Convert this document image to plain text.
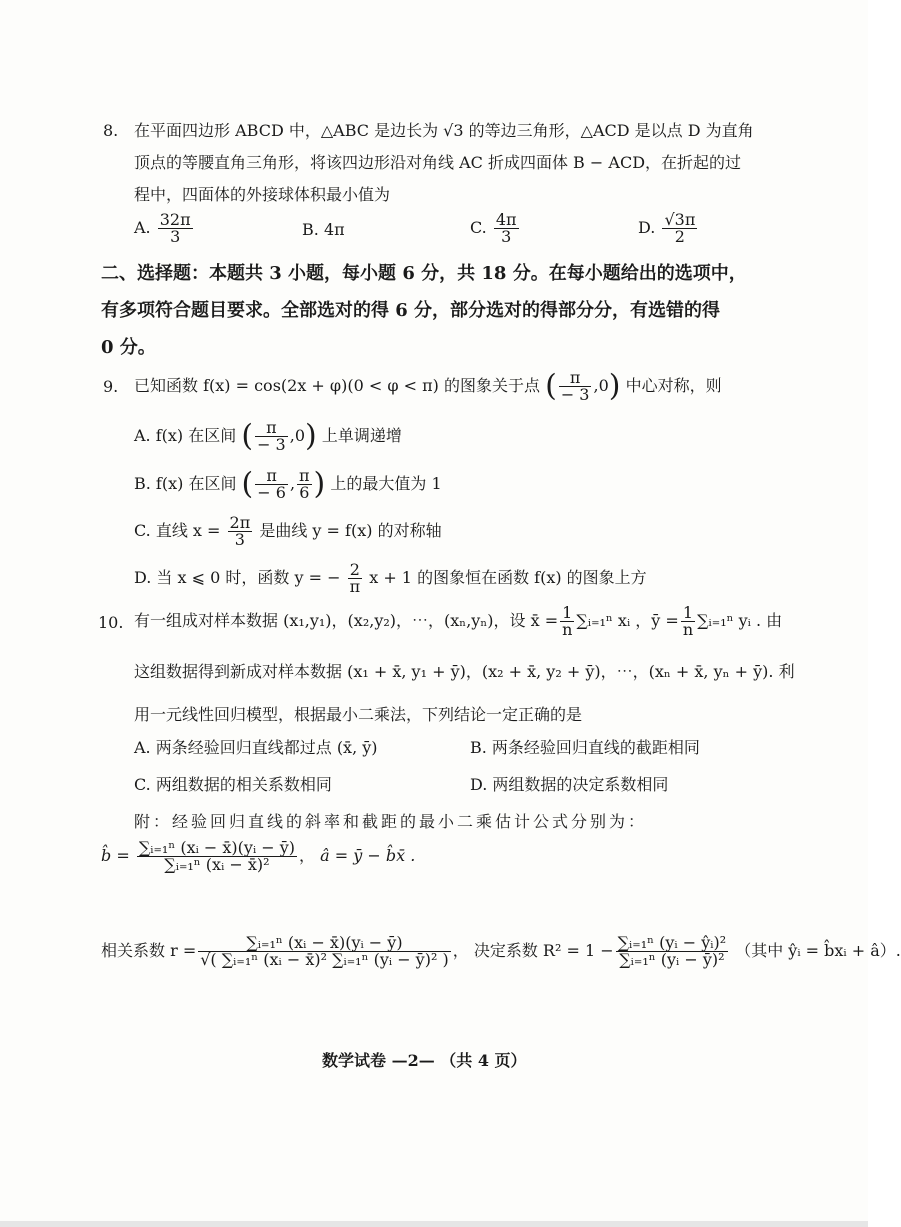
8. 在平面四边形 ABCD 中，△ABC 是边长为 √3 的等边三角形，△ACD 是以点 D 为直角
顶点的等腰直角三角形，将该四边形沿对角线 AC 折成四面体 B − ACD，在折起的过
程中，四面体的外接球体积最小值为
A. $\frac{32\pi}{3}$	B. 4π	C. $\frac{4\pi}{3}$	D. $\frac{√3\pi}{2}$
二、选择题：本题共 3 小题，每小题 6 分，共 18 分。在每小题给出的选项中，
有多项符合题目要求。全部选对的得 6 分，部分选对的得部分分，有选错的得
0 分。
9. 已知函数 f(x) = cos(2x + φ)(0 < φ < π) 的图象关于点 ( $\frac{\pi}{- 3} ,0$) 中心对称，则
A. f(x) 在区间 ( $\frac{\pi}{- 3} ,0$) 上单调递增
B. f(x) 在区间 ( $\frac{\pi}{- 6}$ , $\frac{\pi}{6}$ ) 上的最大值为 1
C. 直线 $x = \frac{2\pi}{3}$ 是曲线 y = f(x) 的对称轴
D. 当 x ⩽ 0 时，函数 y = − $\frac{2}{\pi}$ x + 1 的图象恒在函数 f(x) 的图象上方
10. 有一组成对样本数据 (x₁,y₁)，(x₂,y₂)，⋯，(xₙ,yₙ)，设 x̄ = $\frac{1}{n}$ ∑ᵢ₌₁ⁿ xᵢ ，ȳ = $\frac{1}{n}$ ∑ᵢ₌₁ⁿ yᵢ . 由
这组数据得到新成对样本数据 (x₁ + x̄, y₁ + ȳ)，(x₂ + x̄, y₂ + ȳ)，⋯，(xₙ + x̄, yₙ + ȳ). 利
用一元线性回归模型，根据最小二乘法，下列结论一定正确的是
A. 两条经验回归直线都过点 (x̄, ȳ)	B. 两条经验回归直线的截距相同
C. 两组数据的相关系数相同	D. 两组数据的决定系数相同
附：经验回归直线的斜率和截距的最小二乘估计公式分别为：
b̂ = $\frac{\text{∑ᵢ₌₁ⁿ (xᵢ − x̄)(yᵢ − ȳ)}}{\text{∑ᵢ₌₁ⁿ (xᵢ − x̄)²}}$ ， â = ȳ − b̂x̄ .
相关系数 $r = \frac{\text{∑ᵢ₌₁ⁿ (xᵢ − x̄)(yᵢ − ȳ)}}{\text{√( ∑ᵢ₌₁ⁿ (xᵢ − x̄)² ∑ᵢ₌₁ⁿ (yᵢ − ȳ)² )}}$ ， 决定系数 $R^2 = 1 - \frac{\text{∑ᵢ₌₁ⁿ (yᵢ − ŷᵢ)²}}{\text{∑ᵢ₌₁ⁿ (yᵢ − ȳ)²}}$ （其中 ŷᵢ = b̂xᵢ + â）.
数学试卷 —2— （共 4 页）
